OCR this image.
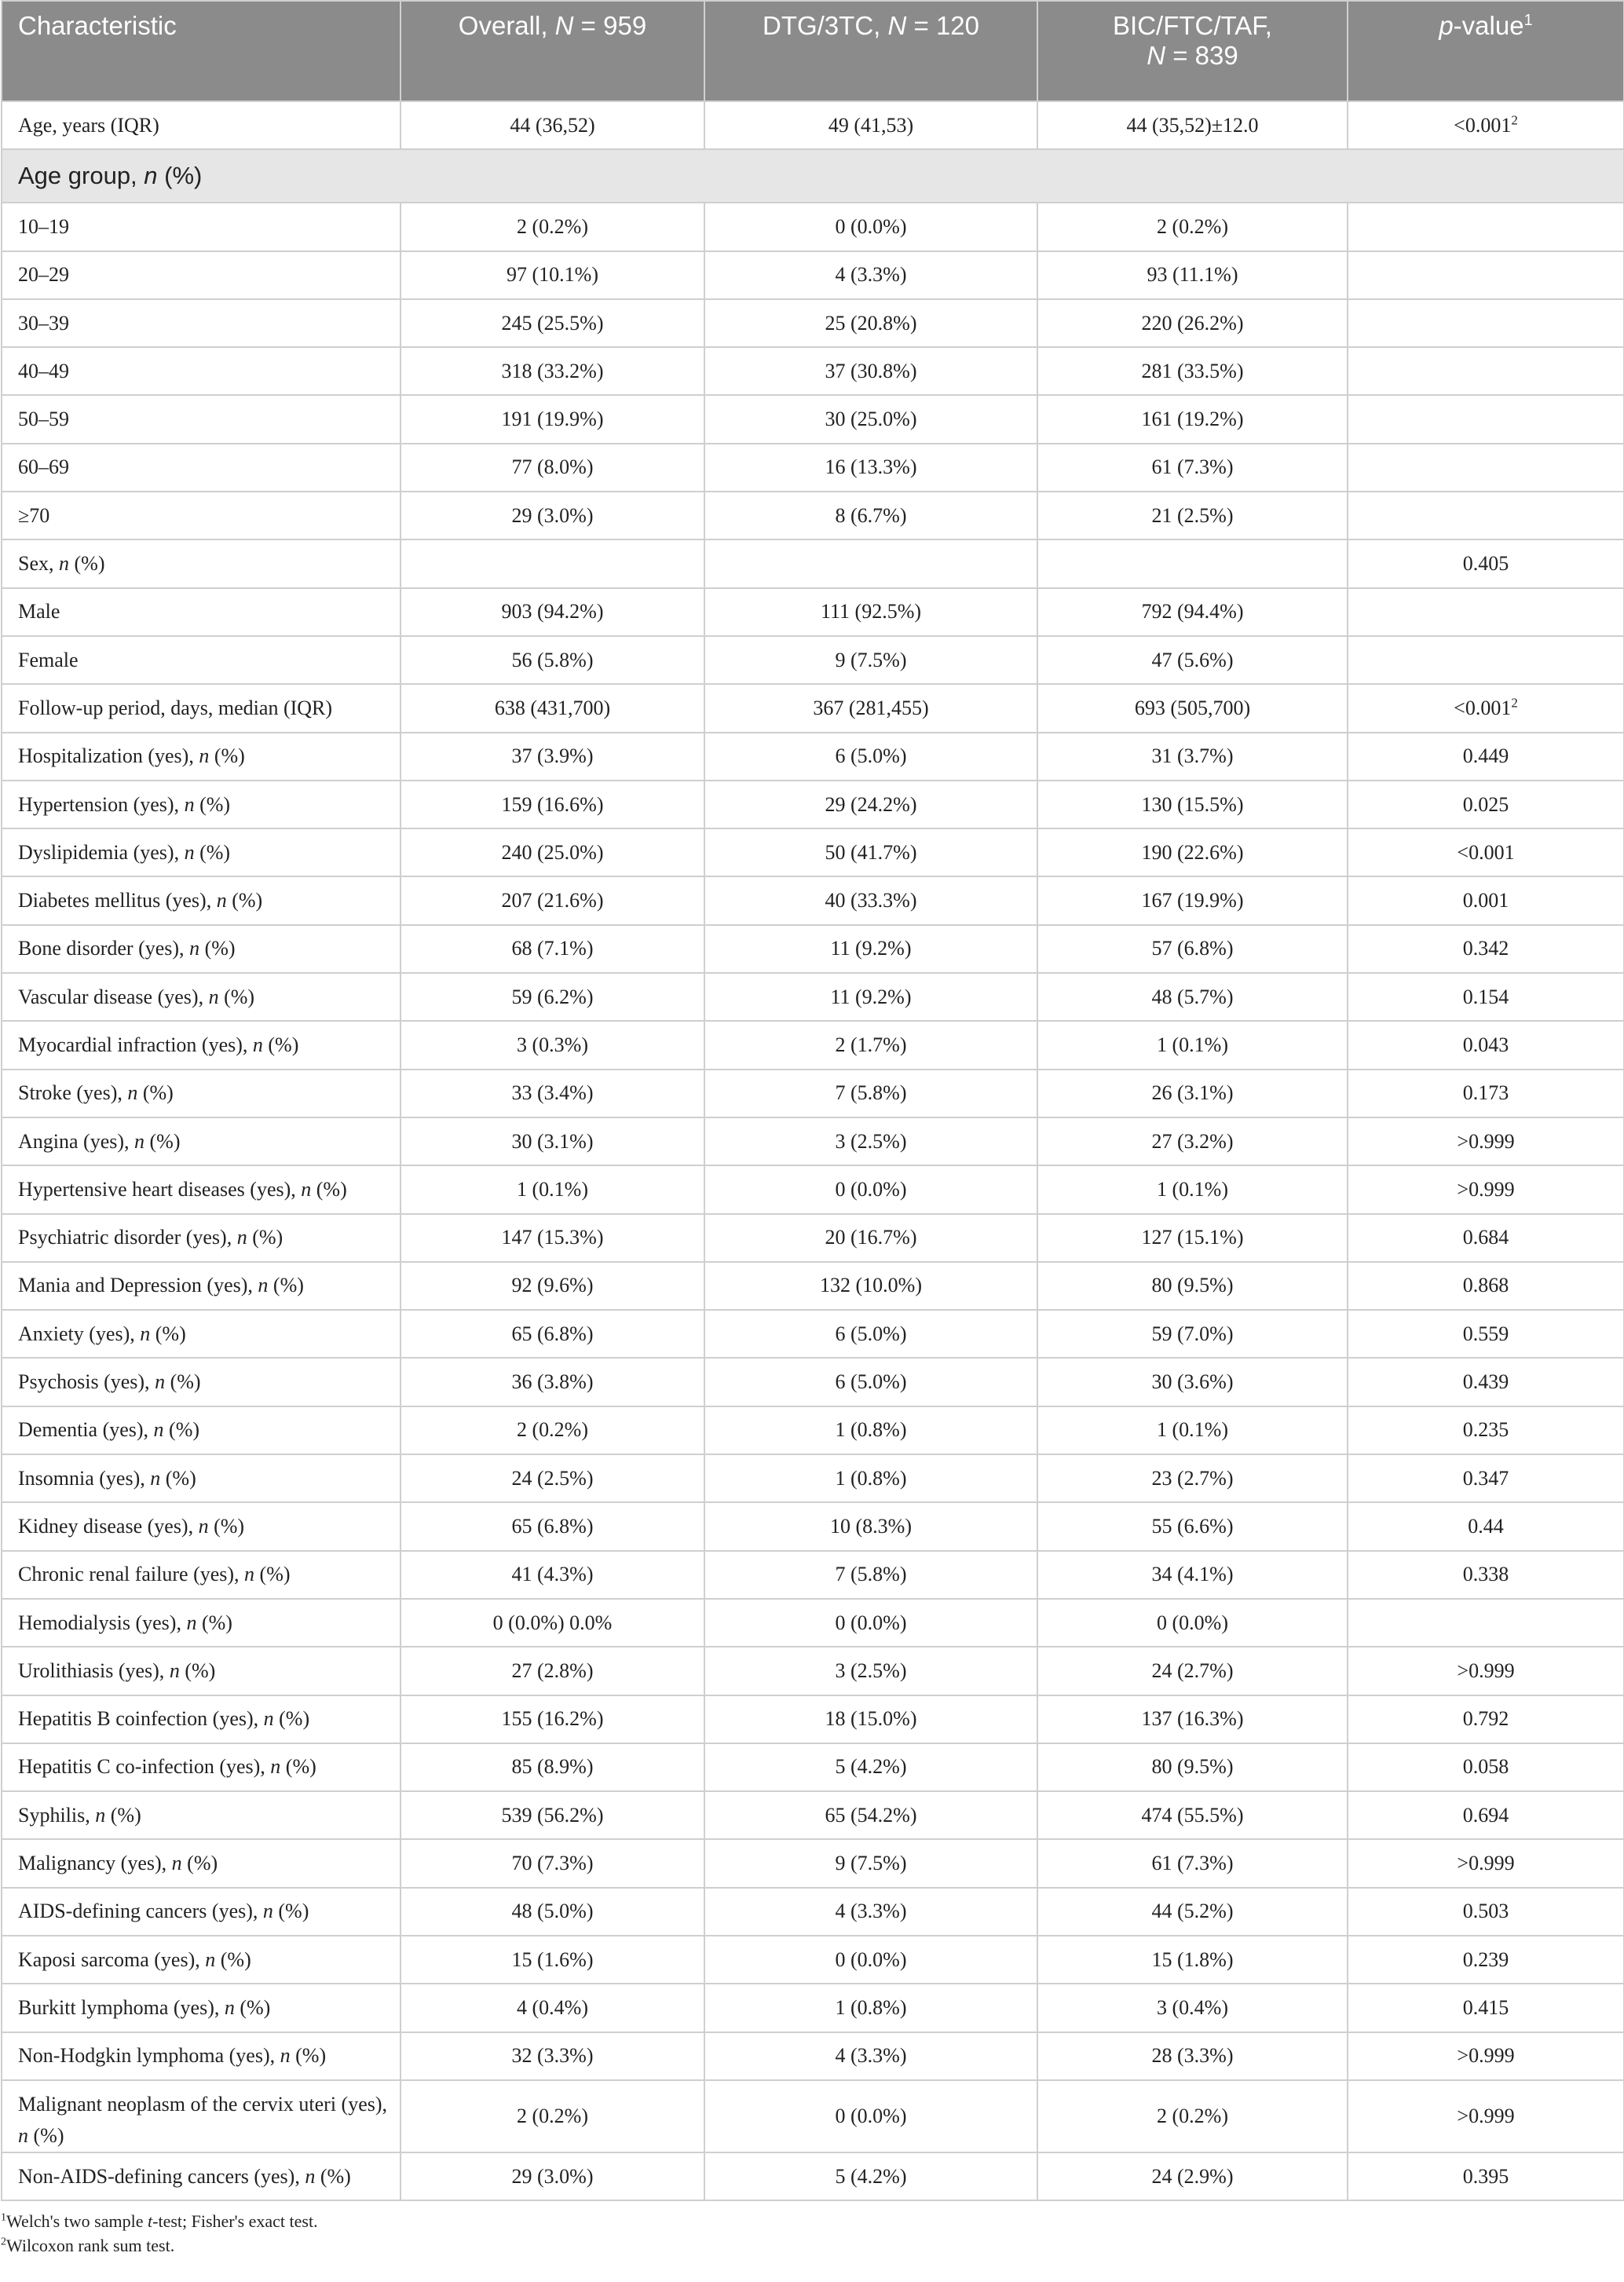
Characteristic	Overall, N = 959	DTG/3TC, N = 120	BIC/FTC/TAF,
N = 839	p-value$^1$
Age, years (IQR)	44 (36,52)	49 (41,53)	44 (35,52)±12.0	$<0.001^2$
Age group, n (%)				
10–19	2 (0.2%)	0 (0.0%)	2 (0.2%)	
20–29	97 (10.1%)	4 (3.3%)	93 (11.1%)	
30–39	245 (25.5%)	25 (20.8%)	220 (26.2%)	
40–49	318 (33.2%)	37 (30.8%)	281 (33.5%)	
50–59	191 (19.9%)	30 (25.0%)	161 (19.2%)	
60–69	77 (8.0%)	16 (13.3%)	61 (7.3%)	
≥70	29 (3.0%)	8 (6.7%)	21 (2.5%)	
Sex, n (%)				0.405
Male	903 (94.2%)	111 (92.5%)	792 (94.4%)	
Female	56 (5.8%)	9 (7.5%)	47 (5.6%)	
Follow-up period, days, median (IQR)	638 (431,700)	367 (281,455)	693 (505,700)	$<0.001^2$
Hospitalization (yes), n (%)	37 (3.9%)	6 (5.0%)	31 (3.7%)	0.449
Hypertension (yes), n (%)	159 (16.6%)	29 (24.2%)	130 (15.5%)	0.025
Dyslipidemia (yes), n (%)	240 (25.0%)	50 (41.7%)	190 (22.6%)	<0.001
Diabetes mellitus (yes), n (%)	207 (21.6%)	40 (33.3%)	167 (19.9%)	0.001
Bone disorder (yes), n (%)	68 (7.1%)	11 (9.2%)	57 (6.8%)	0.342
Vascular disease (yes), n (%)	59 (6.2%)	11 (9.2%)	48 (5.7%)	0.154
Myocardial infraction (yes), n (%)	3 (0.3%)	2 (1.7%)	1 (0.1%)	0.043
Stroke (yes), n (%)	33 (3.4%)	7 (5.8%)	26 (3.1%)	0.173
Angina (yes), n (%)	30 (3.1%)	3 (2.5%)	27 (3.2%)	>0.999
Hypertensive heart diseases (yes), n (%)	1 (0.1%)	0 (0.0%)	1 (0.1%)	>0.999
Psychiatric disorder (yes), n (%)	147 (15.3%)	20 (16.7%)	127 (15.1%)	0.684
Mania and Depression (yes), n (%)	92 (9.6%)	132 (10.0%)	80 (9.5%)	0.868
Anxiety (yes), n (%)	65 (6.8%)	6 (5.0%)	59 (7.0%)	0.559
Psychosis (yes), n (%)	36 (3.8%)	6 (5.0%)	30 (3.6%)	0.439
Dementia (yes), n (%)	2 (0.2%)	1 (0.8%)	1 (0.1%)	0.235
Insomnia (yes), n (%)	24 (2.5%)	1 (0.8%)	23 (2.7%)	0.347
Kidney disease (yes), n (%)	65 (6.8%)	10 (8.3%)	55 (6.6%)	0.44
Chronic renal failure (yes), n (%)	41 (4.3%)	7 (5.8%)	34 (4.1%)	0.338
Hemodialysis (yes), n (%)	0 (0.0%) 0.0%	0 (0.0%)	0 (0.0%)	
Urolithiasis (yes), n (%)	27 (2.8%)	3 (2.5%)	24 (2.7%)	>0.999
Hepatitis B coinfection (yes), n (%)	155 (16.2%)	18 (15.0%)	137 (16.3%)	0.792
Hepatitis C co-infection (yes), n (%)	85 (8.9%)	5 (4.2%)	80 (9.5%)	0.058
Syphilis, n (%)	539 (56.2%)	65 (54.2%)	474 (55.5%)	0.694
Malignancy (yes), n (%)	70 (7.3%)	9 (7.5%)	61 (7.3%)	>0.999
AIDS-defining cancers (yes), n (%)	48 (5.0%)	4 (3.3%)	44 (5.2%)	0.503
Kaposi sarcoma (yes), n (%)	15 (1.6%)	0 (0.0%)	15 (1.8%)	0.239
Burkitt lymphoma (yes), n (%)	4 (0.4%)	1 (0.8%)	3 (0.4%)	0.415
Non-Hodgkin lymphoma (yes), n (%)	32 (3.3%)	4 (3.3%)	28 (3.3%)	>0.999
Malignant neoplasm of the cervix uteri (yes), n (%)	2 (0.2%)	0 (0.0%)	2 (0.2%)	>0.999
Non-AIDS-defining cancers (yes), n (%)	29 (3.0%)	5 (4.2%)	24 (2.9%)	0.395
$^1$Welch's two sample t-test; Fisher's exact test.
$^2$Wilcoxon rank sum test.
